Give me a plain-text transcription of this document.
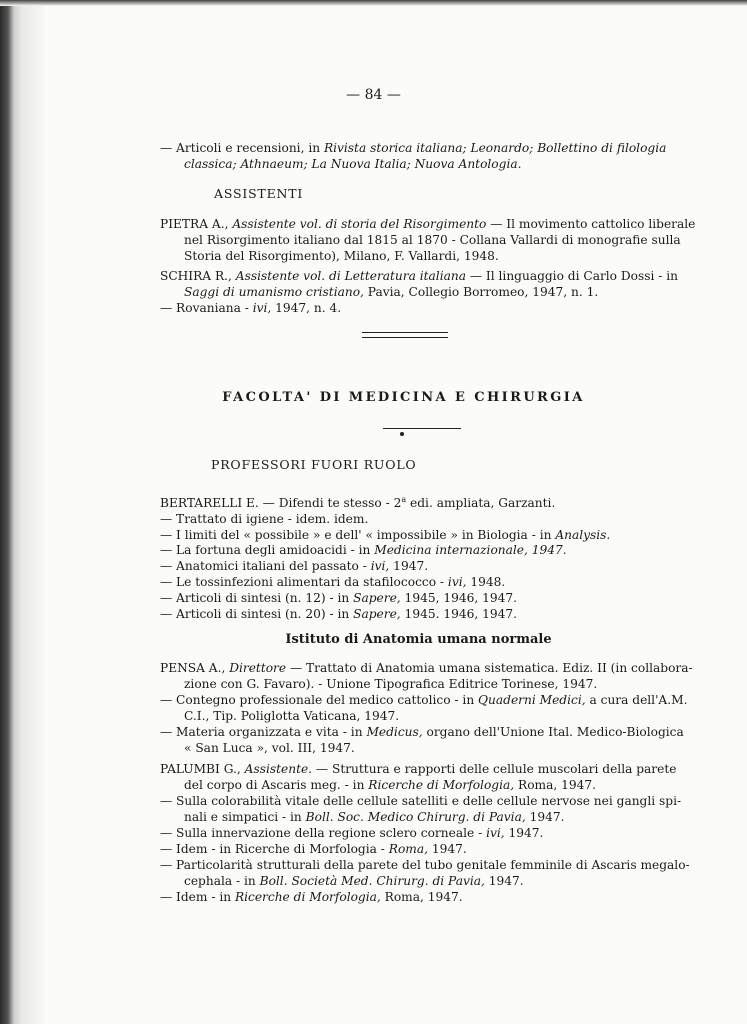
— 84 —
— Articoli e recensioni, in Rivista storica italiana; Leonardo; Bollettino di filologia
classica; Athnaeum; La Nuova Italia; Nuova Antologia.
ASSISTENTI
PIETRA A., Assistente vol. di storia del Risorgimento — Il movimento cattolico liberale
nel Risorgimento italiano dal 1815 al 1870 - Collana Vallardi di monografie sulla
Storia del Risorgimento), Milano, F. Vallardi, 1948.
SCHIRA R., Assistente vol. di Letteratura italiana — Il linguaggio di Carlo Dossi - in
Saggi di umanismo cristiano, Pavia, Collegio Borromeo, 1947, n. 1.
— Rovaniana - ivi, 1947, n. 4.
FACOLTA' DI MEDICINA E CHIRURGIA
PROFESSORI FUORI RUOLO
BERTARELLI E. — Difendi te stesso - 2$^a$ edi. ampliata, Garzanti.
— Trattato di igiene - idem. idem.
— I limiti del « possibile » e dell' « impossibile » in Biologia - in Analysis.
— La fortuna degli amidoacidi - in Medicina internazionale, 1947.
— Anatomici italiani del passato - ivi, 1947.
— Le tossinfezioni alimentari da stafilococco - ivi, 1948.
— Articoli di sintesi (n. 12) - in Sapere, 1945, 1946, 1947.
— Articoli di sintesi (n. 20) - in Sapere, 1945. 1946, 1947.
Istituto di Anatomia umana normale
PENSA A., Direttore — Trattato di Anatomia umana sistematica. Ediz. II (in collabora-
zione con G. Favaro). - Unione Tipografica Editrice Torinese, 1947.
— Contegno professionale del medico cattolico - in Quaderni Medici, a cura dell'A.M.
C.I., Tip. Poliglotta Vaticana, 1947.
— Materia organizzata e vita - in Medicus, organo dell'Unione Ital. Medico-Biologica
« San Luca », vol. III, 1947.
PALUMBI G., Assistente. — Struttura e rapporti delle cellule muscolari della parete
del corpo di Ascaris meg. - in Ricerche di Morfologia, Roma, 1947.
— Sulla colorabilità vitale delle cellule satelliti e delle cellule nervose nei gangli spi-
nali e simpatici - in Boll. Soc. Medico Chirurg. di Pavia, 1947.
— Sulla innervazione della regione sclero corneale - ivi, 1947.
— Idem - in Ricerche di Morfologia - Roma, 1947.
— Particolarità strutturali della parete del tubo genitale femminile di Ascaris megalo-
cephala - in Boll. Società Med. Chirurg. di Pavia, 1947.
— Idem - in Ricerche di Morfologia, Roma, 1947.
